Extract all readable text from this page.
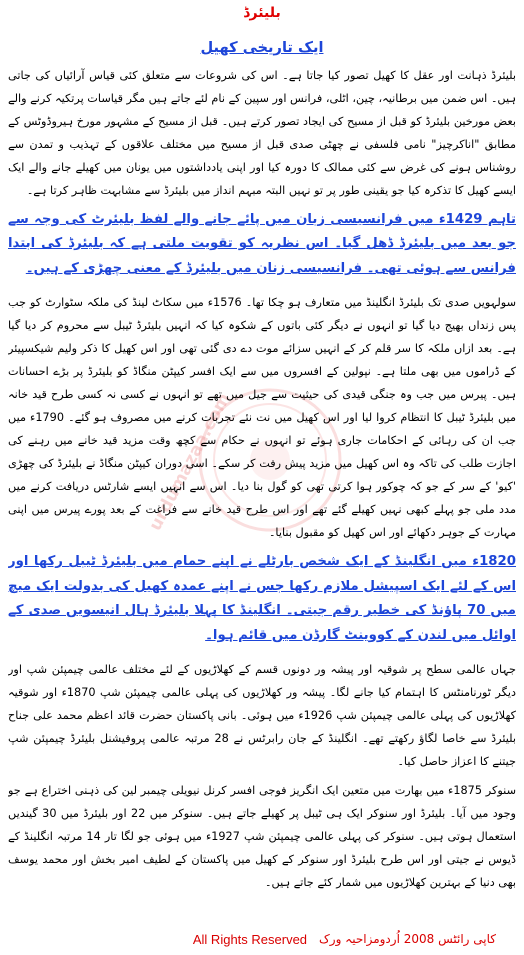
urdumazaa.com
بلیئرڈ
ایک تاریخی کھیل

بلیئرڈ ذہانت اور عقل کا کھیل تصور کیا جاتا ہے۔ اس کی شروعات سے متعلق کئی قیاس آرائیاں کی جاتی ہیں۔ اس ضمن میں برطانیہ، چین، اٹلی، فرانس اور سپین کے نام لئے جاتے ہیں مگر قیاسات پرتکیہ کرنے والے بعض مورخین بلیئرڈ کو قبل از مسیح کی ایجاد تصور کرتے ہیں۔ قبل از مسیح کے مشہور مورخ ہیروڈوٹس کے مطابق "اناکرچیز" نامی فلسفی نے چھٹی صدی قبل از مسیح میں مختلف علاقوں کے تہذیب و تمدن سے روشناس ہونے کی غرض سے کئی ممالک کا دورہ کیا اور اپنی یادداشتوں میں یونان میں کھیلے جانے والے ایک ایسے کھیل کا تذکرہ کیا جو یقینی طور پر تو نہیں البتہ مبہم انداز میں بلیئرڈ سے مشابہت ظاہر کرتا ہے۔

تاہم 1429ء میں فرانسیسی زبان میں پائے جانے والے لفظ بلیئرٹ کی وجہ سے جو بعد میں بلیئرڈ ڈھل گیا۔ اس نظریہ کو تقویت ملتی ہے کہ بلیئرڈ کی ابتدا فرانس سے ہوئی تھی۔ فرانسیسی زنان میں بلیئرڈ کے معنی چھڑی کے ہیں۔

سولہویں صدی تک بلیئرڈ انگلینڈ میں متعارف ہو چکا تھا۔ 1576ء میں سکاٹ لینڈ کی ملکہ سٹوارٹ کو جب پس زنداں بھیج دیا گیا تو انہوں نے دیگر کئی باتوں کے شکوہ کیا کہ انہیں بلیئرڈ ٹیبل سے محروم کر دیا گیا ہے۔ بعد ازاں ملکہ کا سر قلم کر کے انہیں سزائے موت دے دی گئی تھی اور اس کھیل کا ذکر ولیم شیکسپیئر کے ڈراموں میں بھی ملتا ہے۔ نپولین کے افسروں میں سے ایک افسر کیپٹن منگاڈ کو بلیئرڈ پر بڑے احسانات ہیں۔ پیرس میں جب وہ جنگی قیدی کی حیثیت سے جیل میں تھے تو انہوں نے کسی نہ کسی طرح قید خانہ میں بلیئرڈ ٹیبل کا انتظام کروا لیا اور اس کھیل میں نت نئے تجربات کرنے میں مصروف ہو گئے۔ 1790ء میں جب ان کی رہائی کے احکامات جاری ہوئے تو انہوں نے حکام سے کچھ وقت مزید قید خانے میں رہنے کی اجازت طلب کی تاکہ وہ اس کھیل میں مزید پیش رفت کر سکے۔ اسی دوران کیپٹن منگاڈ نے بلیئرڈ کی چھڑی 'کیو' کے سر کے جو کہ چوکور ہوا کرتی تھی کو گول بنا دیا۔ اس سے انہیں ایسے شارٹس دریافت کرنے میں مدد ملی جو پہلے کبھی نہیں کھیلے گئے تھے اور اس طرح قید خانے سے فراغت کے بعد پورے پیرس میں اپنی مہارت کے جوہر دکھائے اور اس کھیل کو مقبول بنایا۔

1820ء میں انگلینڈ کے ایک شخص بارٹلے نے اپنے حمام میں بلیئرڈ ٹیبل رکھا اور اس کے لئے ایک اسپیشل ملازم رکھا جس نے اپنے عمدہ کھیل کی بدولت ایک میچ میں 70 پاؤنڈ کی خطیر رقم جیتی۔ انگلینڈ کا پہلا بلیئرڈ ہال انیسویں صدی کے اوائل میں لندن کے کووینٹ گارڈن میں قائم ہوا۔

جہاں عالمی سطح پر شوقیہ اور پیشہ ور دونوں قسم کے کھلاڑیوں کے لئے مختلف عالمی چیمپئن شپ اور دیگر ٹورنامنٹس کا اہتمام کیا جانے لگا۔ پیشہ ور کھلاڑیوں کی پہلی عالمی چیمپئن شپ 1870ء اور شوقیہ کھلاڑیوں کی پہلی عالمی چیمپئن شپ 1926ء میں ہوئی۔ بانی پاکستان حضرت قائد اعظم محمد علی جناح بلیئرڈ سے خاصا لگاؤ رکھتے تھے۔ انگلینڈ کے جان رابرٹس نے 28 مرتبہ عالمی پروفیشنل بلیئرڈ چیمپئن شپ جیتنے کا اعزاز حاصل کیا۔

سنوکر 1875ء میں بھارت میں متعین ایک انگریز فوجی افسر کرنل نیویلی چیمبر لین کی ذہنی اختراع ہے جو وجود میں آیا۔ بلیئرڈ اور سنوکر ایک ہی ٹیبل پر کھیلے جاتے ہیں۔ سنوکر میں 22 اور بلیئرڈ میں 30 گیندیں استعمال ہوتی ہیں۔ سنوکر کی پہلی عالمی چیمپئن شپ 1927ء میں ہوئی جو لگا تار 14 مرتبہ انگلینڈ کے ڈیوس نے جیتی اور اس طرح بلیئرڈ اور سنوکر کے کھیل میں پاکستان کے لطیف امیر بخش اور محمد یوسف بھی دنیا کے بہترین کھلاڑیوں میں شمار کئے جاتے ہیں۔

کاپی رائٹس 2008 اُردومزاحیہ ورک
All Rights Reserved
